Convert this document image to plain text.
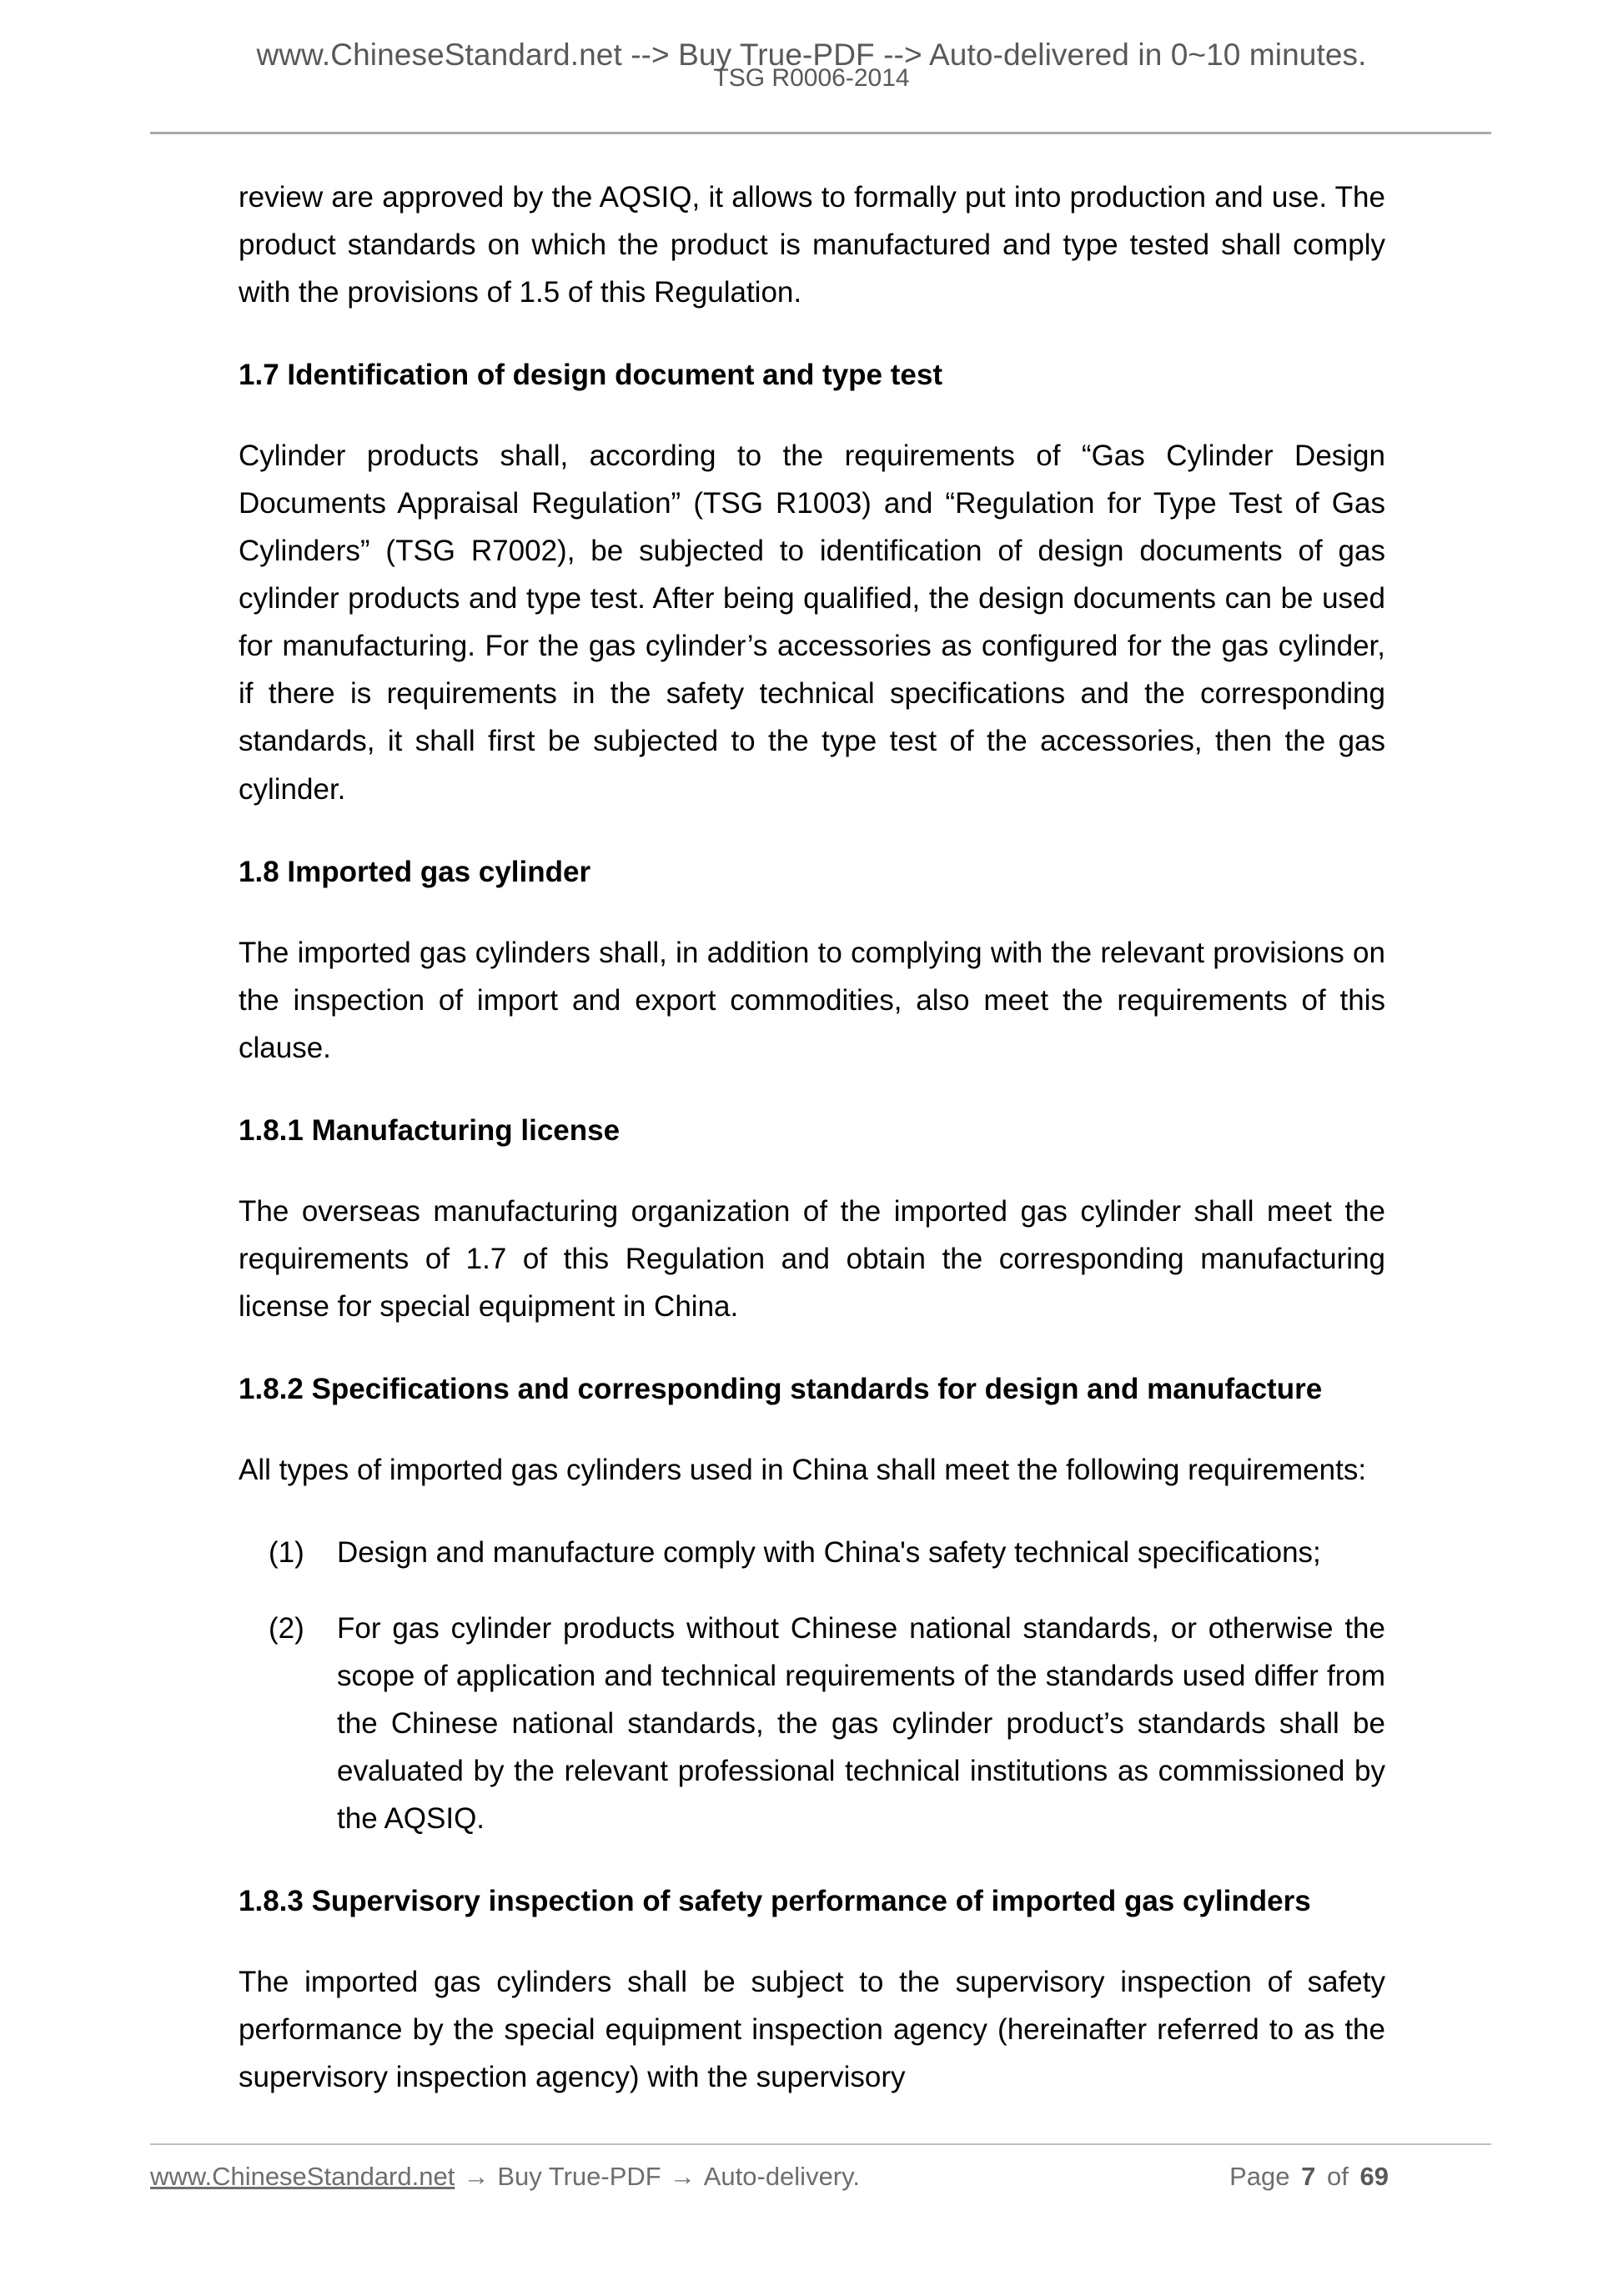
www.ChineseStandard.net --> Buy True-PDF --> Auto-delivered in 0~10 minutes.
TSG R0006-2014

review are approved by the AQSIQ, it allows to formally put into production and use. The product standards on which the product is manufactured and type tested shall comply with the provisions of 1.5 of this Regulation.

1.7 Identification of design document and type test

Cylinder products shall, according to the requirements of “Gas Cylinder Design Documents Appraisal Regulation” (TSG R1003) and “Regulation for Type Test of Gas Cylinders” (TSG R7002), be subjected to identification of design documents of gas cylinder products and type test. After being qualified, the design documents can be used for manufacturing. For the gas cylinder’s accessories as configured for the gas cylinder, if there is requirements in the safety technical specifications and the corresponding standards, it shall first be subjected to the type test of the accessories, then the gas cylinder.

1.8 Imported gas cylinder

The imported gas cylinders shall, in addition to complying with the relevant provisions on the inspection of import and export commodities, also meet the requirements of this clause.

1.8.1 Manufacturing license

The overseas manufacturing organization of the imported gas cylinder shall meet the requirements of 1.7 of this Regulation and obtain the corresponding manufacturing license for special equipment in China.

1.8.2 Specifications and corresponding standards for design and manufacture

All types of imported gas cylinders used in China shall meet the following requirements:

(1)	Design and manufacture comply with China's safety technical specifications;
(2)	For gas cylinder products without Chinese national standards, or otherwise the scope of application and technical requirements of the standards used differ from the Chinese national standards, the gas cylinder product’s standards shall be evaluated by the relevant professional technical institutions as commissioned by the AQSIQ.
1.8.3 Supervisory inspection of safety performance of imported gas cylinders

The imported gas cylinders shall be subject to the supervisory inspection of safety performance by the special equipment inspection agency (hereinafter referred to as the supervisory inspection agency) with the supervisory

www.ChineseStandard.net → Buy True-PDF → Auto-delivery.	Page 7 of 69
